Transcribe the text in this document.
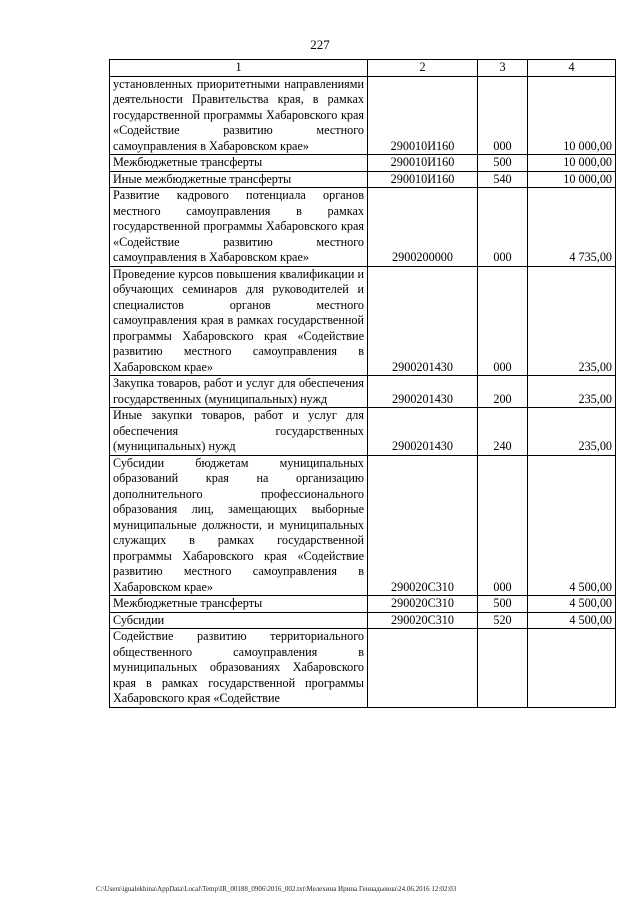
227
1	2	3	4
установленных приоритетными направлениями деятельности Правительства края, в рамках государственной программы Хабаровского края «Содействие развитию местного самоуправления в Хабаровском крае»	290010И160	000	10 000,00
Межбюджетные трансферты	290010И160	500	10 000,00
Иные межбюджетные трансферты	290010И160	540	10 000,00
Развитие кадрового потенциала органов местного самоуправления в рамках государственной программы Хабаровского края «Содействие развитию местного самоуправления в Хабаровском крае»	2900200000	000	4 735,00
Проведение курсов повышения квалификации и обучающих семинаров для руководителей и специалистов органов местного самоуправления края в рамках государственной программы Хабаровского края «Содействие развитию местного самоуправления в Хабаровском крае»	2900201430	000	235,00
Закупка товаров, работ и услуг для обеспечения государственных (муниципальных) нужд	2900201430	200	235,00
Иные закупки товаров, работ и услуг для обеспечения государственных (муниципальных) нужд	2900201430	240	235,00
Субсидии бюджетам муниципальных образований края на организацию дополнительного профессионального образования лиц, замещающих выборные муниципальные должности, и муниципальных служащих в рамках государственной программы Хабаровского края «Содействие развитию местного самоуправления в Хабаровском крае»	290020С310	000	4 500,00
Межбюджетные трансферты	290020С310	500	4 500,00
Субсидии	290020С310	520	4 500,00
Содействие развитию территориального общественного самоуправления в муниципальных образованиях Хабаровского края в рамках государственной программы Хабаровского края «Содействие			
C:\Users\igualekhina\AppData\Local\Temp\IR_00188_0906\2016_002.txt\Мелехина Ирина Геннадьевна\24.06.2016 12:02:03
